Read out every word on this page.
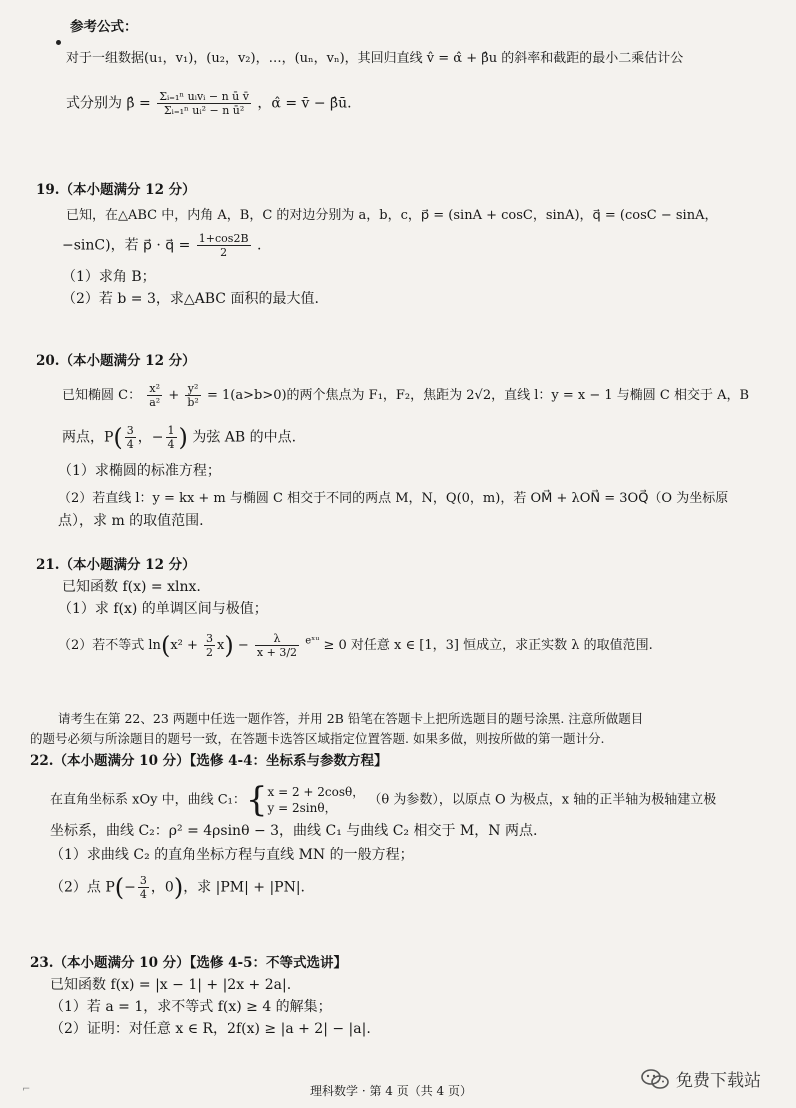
参考公式：
对于一组数据(u₁，v₁)，(u₂，v₂)，…，(uₙ，vₙ)，其回归直线 v̂ = α̂ + β̂u 的斜率和截距的最小二乘估计公
式分别为 β̂ = $\frac{\text{Σᵢ₌₁ⁿ uᵢvᵢ − n ū v̄}}{\text{Σᵢ₌₁ⁿ uᵢ² − n ū²}}$ ，α̂ = v̄ − β̂ū.
19.（本小题满分 12 分）
已知，在△ABC 中，内角 A，B，C 的对边分别为 a，b，c，p⃗ = (sinA + cosC，sinA)，q⃗ = (cosC − sinA，
−sinC)，若 p⃗ · q⃗ = $\frac{1+\cos 2B}{2}$ .
（1）求角 B；
（2）若 b = 3，求△ABC 面积的最大值.
20.（本小题满分 12 分）
已知椭圆 C： $\frac{\text{x²}}{\text{a²}} + \frac{\text{y²}}{\text{b²}} = 1(a>b>0)$的两个焦点为 F₁，F₂，焦距为 2√2，直线 l：y = x − 1 与椭圆 C 相交于 A，B
两点，$P( \frac{3}{4}$ ，− $\frac{1}{4}$ ) 为弦 AB 的中点.
（1）求椭圆的标准方程；
（2）若直线 l：y = kx + m 与椭圆 C 相交于不同的两点 M，N，Q(0，m)，若 OM⃗ + λON⃗ = 3OQ⃗（O 为坐标原
点），求 m 的取值范围.
21.（本小题满分 12 分）
已知函数 f(x) = xlnx.
（1）求 f(x) 的单调区间与极值；
（2）若不等式 $\ln(x^2 + \frac{3}{2} x) - \frac{\lambda}{x + 3/2} ^{eˣᵘ} \ge 0$ 对任意 x ∈ [1，3] 恒成立，求正实数 λ 的取值范围.
请考生在第 22、23 两题中任选一题作答，并用 2B 铅笔在答题卡上把所选题目的题号涂黑. 注意所做题目
的题号必须与所涂题目的题号一致，在答题卡选答区域指定位置答题. 如果多做，则按所做的第一题计分.
22.（本小题满分 10 分）【选修 4-4：坐标系与参数方程】
在直角坐标系 xOy 中，曲线 C₁：{ x = 2 + 2cosθ，
y = 2sinθ，
（θ 为参数），以原点 O 为极点，x 轴的正半轴为极轴建立极
坐标系，曲线 C₂：ρ² = 4ρsinθ − 3，曲线 C₁ 与曲线 C₂ 相交于 M，N 两点.
（1）求曲线 C₂ 的直角坐标方程与直线 MN 的一般方程；
（2）点 $P(- \frac{3}{4}$ ，0)，求 |PM| + |PN|.
23.（本小题满分 10 分）【选修 4-5：不等式选讲】
已知函数 f(x) = |x − 1| + |2x + 2a|.
（1）若 a = 1，求不等式 f(x) ≥ 4 的解集；
（2）证明：对任意 x ∈ R，2f(x) ≥ |a + 2| − |a|.
⌐	理科数学 · 第 4 页（共 4 页）	免费下载站
